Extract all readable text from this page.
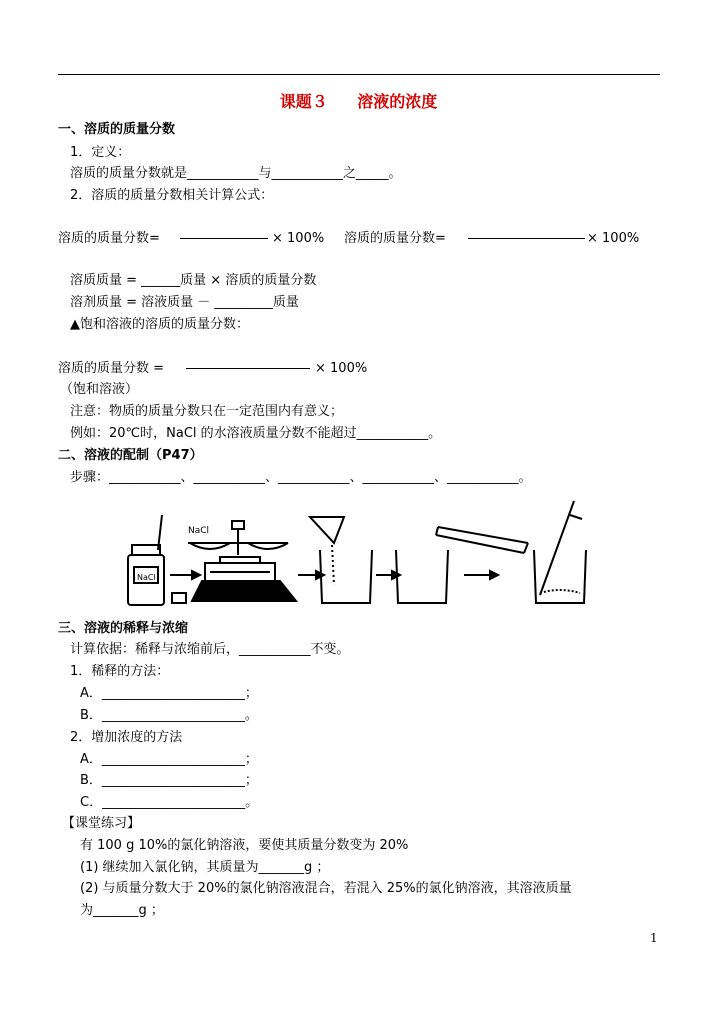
课题３ 溶液的浓度
一、溶质的质量分数
1．定义：
溶质的质量分数就是___________与___________之_____。
2．溶质的质量分数相关计算公式：
溶质的质量分数=	× 100% 溶质的质量分数=	× 100%
溶质质量 = ______质量 × 溶质的质量分数
溶剂质量 = 溶液质量 － _________质量
▲饱和溶液的溶质的质量分数：
溶质的质量分数 =	× 100%
（饱和溶液）
注意：物质的质量分数只在一定范围内有意义；
例如：20℃时，NaCl 的水溶液质量分数不能超过___________。
二、溶液的配制（P47）
步骤：___________、___________、___________、___________、___________。
NaCl
NaCl
三、溶液的稀释与浓缩
计算依据：稀释与浓缩前后，___________不变。
1．稀释的方法：
A．______________________；
B．______________________。
2．增加浓度的方法
A．______________________；
B．______________________；
C．______________________。
【课堂练习】
有 100 g 10%的氯化钠溶液，要使其质量分数变为 20%
(1) 继续加入氯化钠，其质量为_______g ；
(2) 与质量分数大于 20%的氯化钠溶液混合，若混入 25%的氯化钠溶液，其溶液质量
为_______g ；
1
